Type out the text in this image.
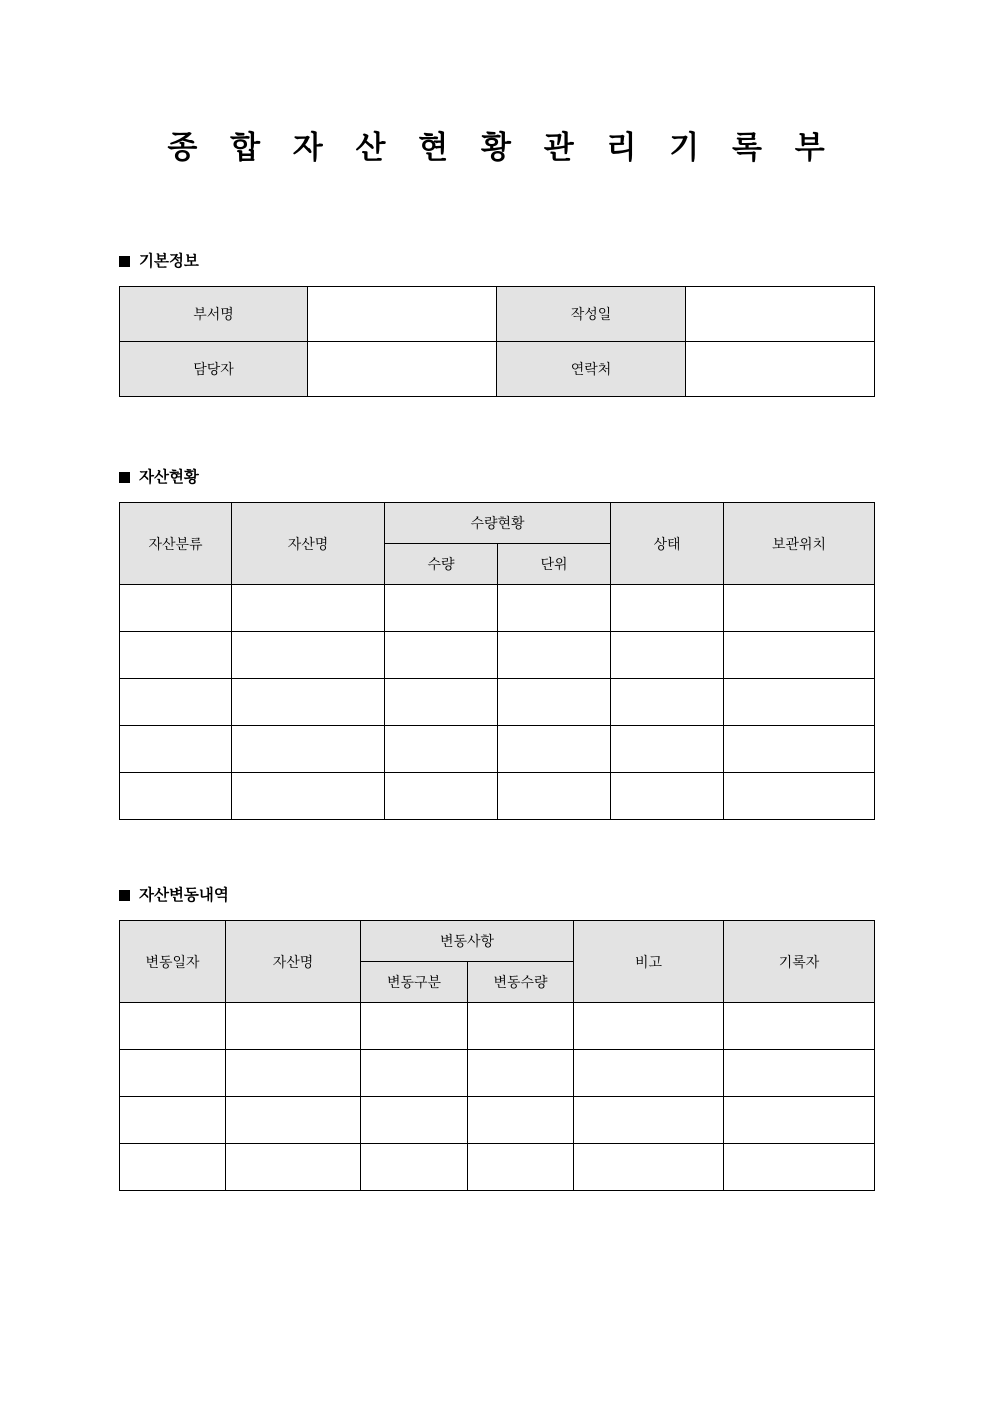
종 합 자 산 현 황 관 리 기 록 부
기본정보
부서명		작성일	
담당자		연락처	
자산현황
자산분류	자산명	수량현황		상태	보관위치
		수량	단위		

자산변동내역
변동일자	자산명	변동사항		비고	기록자
		변동구분	변동수량		
